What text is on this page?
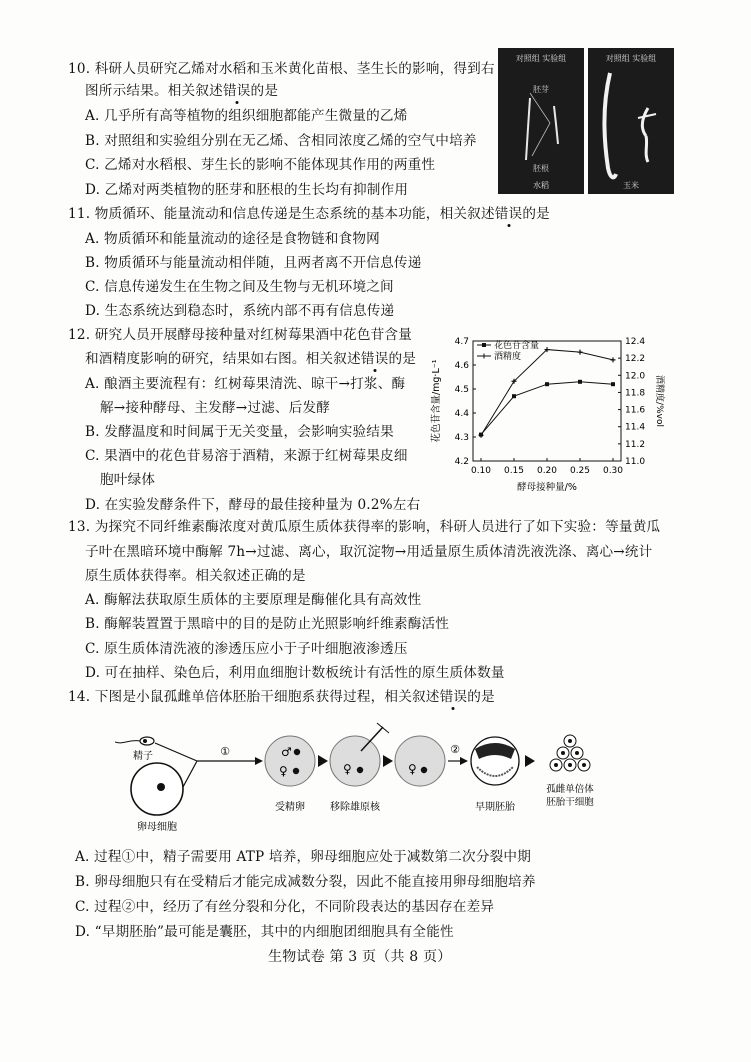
10. 科研人员研究乙烯对水稻和玉米黄化苗根、茎生长的影响，得到右
图所示结果。相关叙述错误的是
A. 几乎所有高等植物的组织细胞都能产生微量的乙烯
B. 对照组和实验组分别在无乙烯、含相同浓度乙烯的空气中培养
C. 乙烯对水稻根、芽生长的影响不能体现其作用的两重性
D. 乙烯对两类植物的胚芽和胚根的生长均有抑制作用
对照组 实验组	对照组 实验组
胚芽
胚根
水稻	玉米
11. 物质循环、能量流动和信息传递是生态系统的基本功能，相关叙述错误的是
A. 物质循环和能量流动的途径是食物链和食物网
B. 物质循环与能量流动相伴随，且两者离不开信息传递
C. 信息传递发生在生物之间及生物与无机环境之间
D. 生态系统达到稳态时，系统内部不再有信息传递
12. 研究人员开展酵母接种量对红树莓果酒中花色苷含量
和酒精度影响的研究，结果如右图。相关叙述错误的是
A. 酿酒主要流程有：红树莓果清洗、晾干→打浆、酶
解→接种酵母、主发酵→过滤、后发酵
B. 发酵温度和时间属于无关变量，会影响实验结果
C. 果酒中的花色苷易溶于酒精，来源于红树莓果皮细
胞叶绿体
D. 在实验发酵条件下，酵母的最佳接种量为 0.2%左右
4.2
4.3
4.4
4.5
4.6
4.7
11.0
11.2
11.4
11.6
11.8
12.0
12.2
12.4
0.10 0.15 0.20 0.25 0.30
酵母接种量/%
花色苷含量/mg·L⁻¹	酒精度/%vol
花色苷含量
酒精度
13. 为探究不同纤维素酶浓度对黄瓜原生质体获得率的影响，科研人员进行了如下实验：等量黄瓜
子叶在黑暗环境中酶解 7h→过滤、离心，取沉淀物→用适量原生质体清洗液洗涤、离心→统计
原生质体获得率。相关叙述正确的是
A. 酶解法获取原生质体的主要原理是酶催化具有高效性
B. 酶解装置置于黑暗中的目的是防止光照影响纤维素酶活性
C. 原生质体清洗液的渗透压应小于子叶细胞液渗透压
D. 可在抽样、染色后，利用血细胞计数板统计有活性的原生质体数量
14. 下图是小鼠孤雌单倍体胚胎干细胞系获得过程，相关叙述错误的是
精子
卵母细胞
①	♂
♀
受精卵
♀
移除雄原核
♀
②
早期胚胎
孤雌单倍体
胚胎干细胞
A. 过程①中，精子需要用 ATP 培养，卵母细胞应处于减数第二次分裂中期
B. 卵母细胞只有在受精后才能完成减数分裂，因此不能直接用卵母细胞培养
C. 过程②中，经历了有丝分裂和分化，不同阶段表达的基因存在差异
D. “早期胚胎”最可能是囊胚，其中的内细胞团细胞具有全能性
生物试卷 第 3 页（共 8 页）
